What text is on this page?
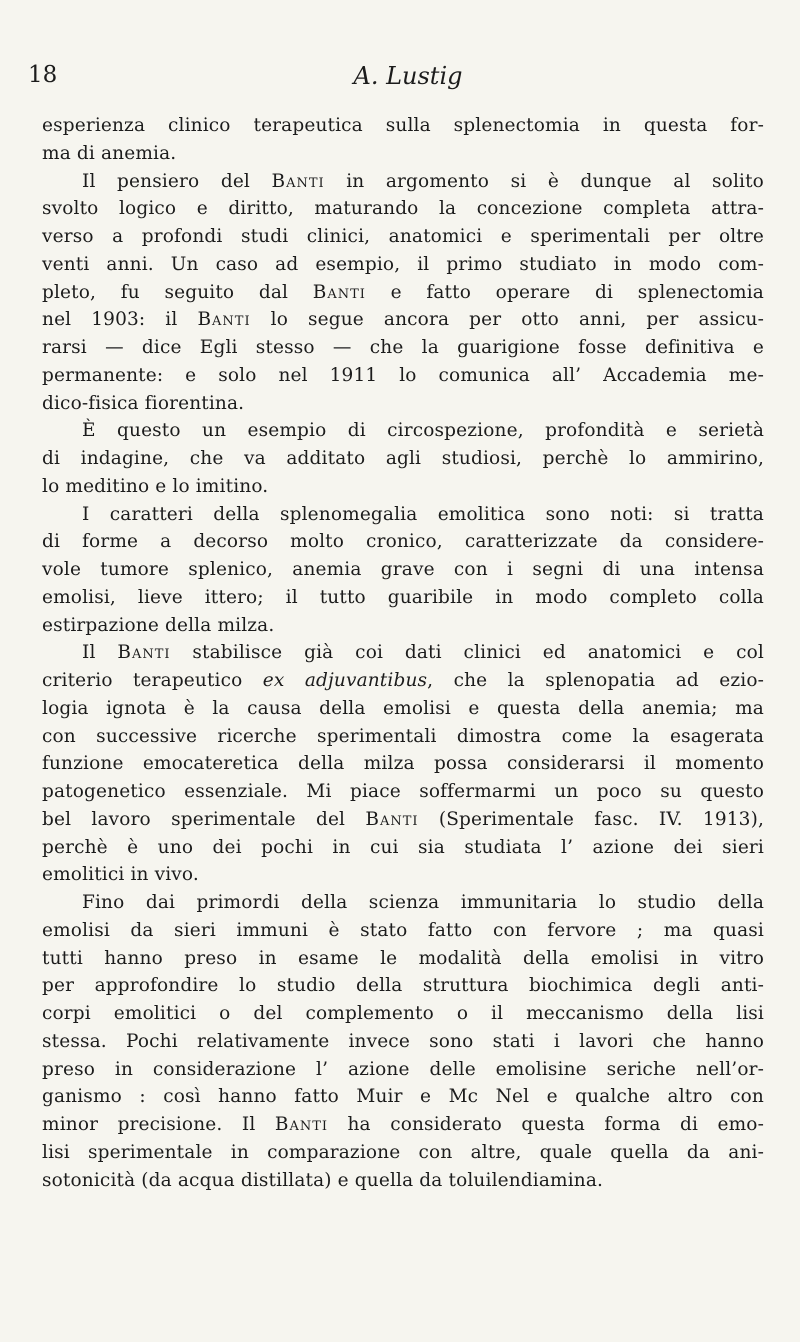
18	A. Lustig
esperienza clinico terapeutica sulla splenectomia in questa for-
ma di anemia.
Il pensiero del Banti in argomento si è dunque al solito
svolto logico e diritto, maturando la concezione completa attra-
verso a profondi studi clinici, anatomici e sperimentali per oltre
venti anni. Un caso ad esempio, il primo studiato in modo com-
pleto, fu seguito dal Banti e fatto operare di splenectomia
nel 1903: il Banti lo segue ancora per otto anni, per assicu-
rarsi — dice Egli stesso — che la guarigione fosse definitiva e
permanente: e solo nel 1911 lo comunica all’ Accademia me-
dico-fisica fiorentina.
È questo un esempio di circospezione, profondità e serietà
di indagine, che va additato agli studiosi, perchè lo ammirino,
lo meditino e lo imitino.
I caratteri della splenomegalia emolitica sono noti: si tratta
di forme a decorso molto cronico, caratterizzate da considere-
vole tumore splenico, anemia grave con i segni di una intensa
emolisi, lieve ittero; il tutto guaribile in modo completo colla
estirpazione della milza.
Il Banti stabilisce già coi dati clinici ed anatomici e col
criterio terapeutico ex adjuvantibus, che la splenopatia ad ezio-
logia ignota è la causa della emolisi e questa della anemia; ma
con successive ricerche sperimentali dimostra come la esagerata
funzione emocateretica della milza possa considerarsi il momento
patogenetico essenziale. Mi piace soffermarmi un poco su questo
bel lavoro sperimentale del Banti (Sperimentale fasc. IV. 1913),
perchè è uno dei pochi in cui sia studiata l’ azione dei sieri
emolitici in vivo.
Fino dai primordi della scienza immunitaria lo studio della
emolisi da sieri immuni è stato fatto con fervore ; ma quasi
tutti hanno preso in esame le modalità della emolisi in vitro
per approfondire lo studio della struttura biochimica degli anti-
corpi emolitici o del complemento o il meccanismo della lisi
stessa. Pochi relativamente invece sono stati i lavori che hanno
preso in considerazione l’ azione delle emolisine seriche nell’or-
ganismo : così hanno fatto Muir e Mc Nel e qualche altro con
minor precisione. Il Banti ha considerato questa forma di emo-
lisi sperimentale in comparazione con altre, quale quella da ani-
sotonicità (da acqua distillata) e quella da toluilendiamina.
